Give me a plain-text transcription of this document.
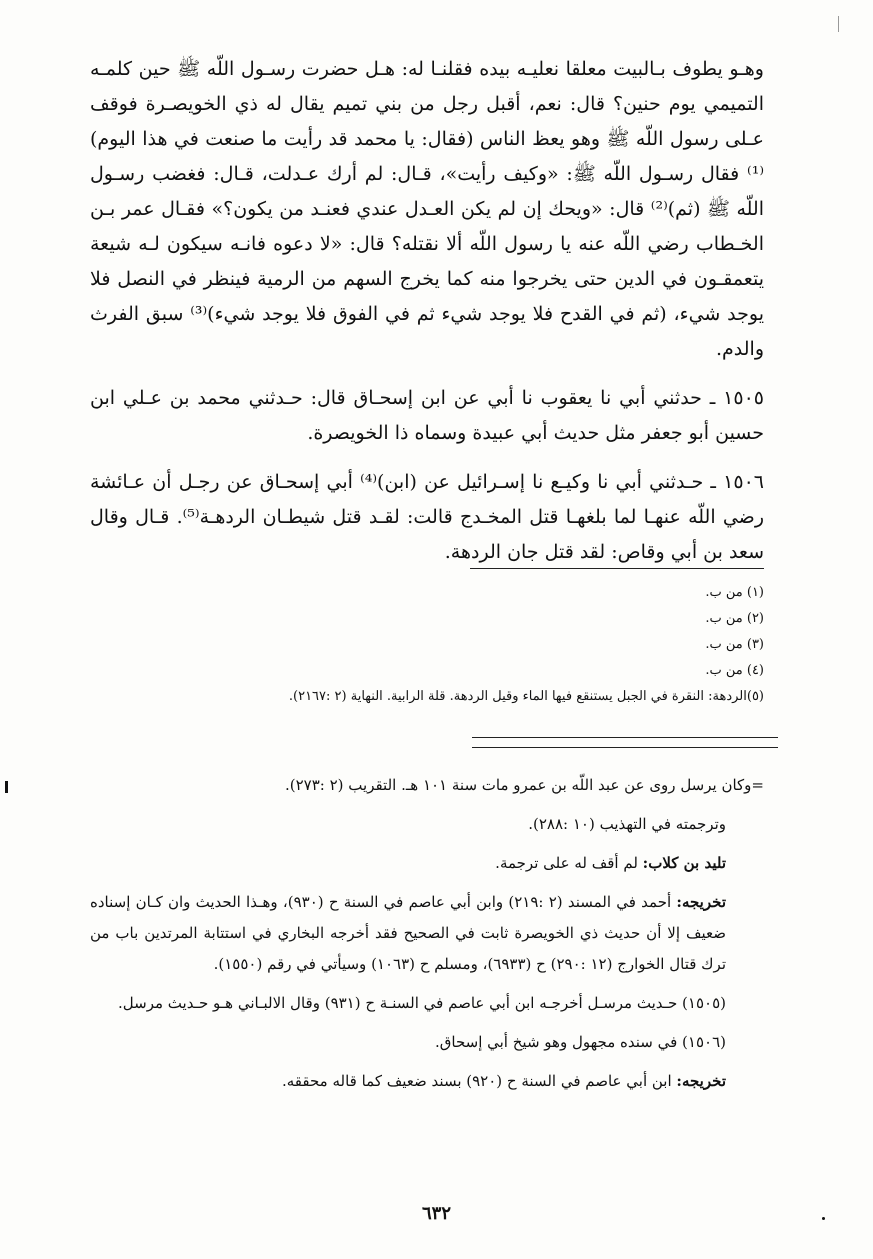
وهـو يطوف بـالبيت معلقا نعليـه بيده فقلنـا له: هـل حضرت رسـول اللّه ﷺ حين كلمـه التميمي يوم حنين؟ قال: نعم، أقبل رجل من بني تميم يقال له ذي الخويصـرة فوقف عـلى رسول اللّه ﷺ وهو يعظ الناس (فقال: يا محمد قد رأيت ما صنعت في هذا اليوم)⁽¹⁾ فقال رسـول اللّه ﷺ: «وكيف رأيت»، قـال: لم أرك عـدلت، قـال: فغضب رسـول اللّه ﷺ (ثم)⁽²⁾ قال: «ويحك إن لم يكن العـدل عندي فعنـد من يكون؟» فقـال عمر بـن الخـطاب رضي اللّه عنه يا رسول اللّه ألا نقتله؟ قال: «لا دعوه فانـه سيكون لـه شيعة يتعمقـون في الدين حتى يخرجوا منه كما يخرج السهم من الرمية فينظر في النصل فلا يوجد شيء، (ثم في القدح فلا يوجد شيء ثم في الفوق فلا يوجد شيء)⁽³⁾ سبق الفرث والدم.

١٥٠٥ ـ حدثني أبي نا يعقوب نا أبي عن ابن إسحـاق قال: حـدثني محمد بن عـلي ابن حسين أبو جعفر مثل حديث أبي عبيدة وسماه ذا الخويصرة.

١٥٠٦ ـ حـدثني أبي نا وكيـع نا إسـرائيل عن (ابن)⁽⁴⁾ أبي إسحـاق عن رجـل أن عـائشة رضي اللّه عنهـا لما بلغهـا قتل المخـدج قالت: لقـد قتل شيطـان الردهـة⁽⁵⁾. قـال وقال سعد بن أبي وقاص: لقد قتل جان الردهة.

(١) من ب.
(٢) من ب.
(٣) من ب.
(٤) من ب.
(٥)الردهة: النقرة في الجبل يستنقع فيها الماء وقيل الردهة. قلة الرابية. النهاية (٢ :٢١٦٧).

=وكان يرسل روى عن عبد اللّه بن عمرو مات سنة ١٠١ هـ. التقريب (٢ :٢٧٣).

وترجمته في التهذيب (١٠ :٢٨٨).

تليد بن كلاب: لم أقف له على ترجمة.

تخريجه: أحمد في المسند (٢ :٢١٩) وابن أبي عاصم في السنة ح (٩٣٠)، وهـذا الحديث وان كـان إسناده ضعيف إلا أن حديث ذي الخويصرة ثابت في الصحيح فقد أخرجه البخاري في استتابة المرتدين باب من ترك قتال الخوارج (١٢ :٢٩٠) ح (٦٩٣٣)، ومسلم ح (١٠٦٣) وسيأتي في رقم (١٥٥٠).

(١٥٠٥) حـديث مرسـل أخرجـه ابن أبي عاصم في السنـة ح (٩٣١) وقال الالبـاني هـو حـديث مرسل.

(١٥٠٦) في سنده مجهول وهو شيخ أبي إسحاق.

تخريجه: ابن أبي عاصم في السنة ح (٩٢٠) بسند ضعيف كما قاله محققه.

٦٣٢
